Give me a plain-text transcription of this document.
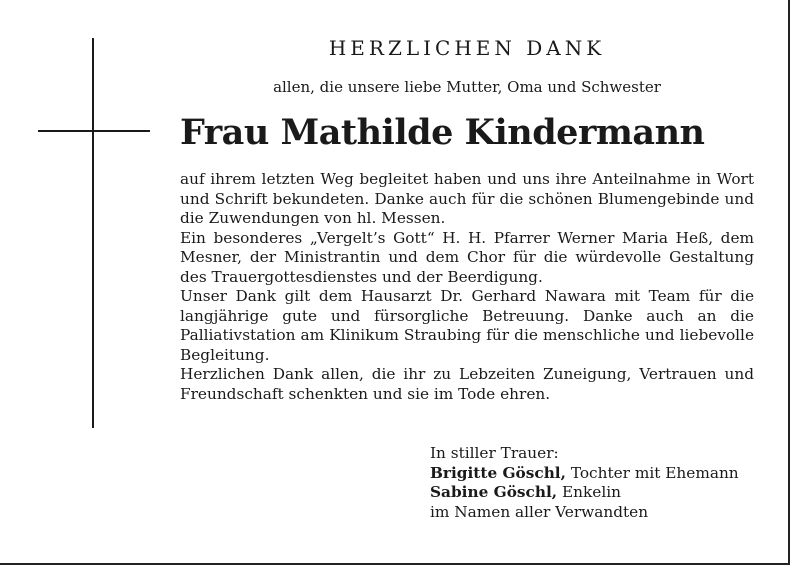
HERZLICHEN DANK
allen, die unsere liebe Mutter, Oma und Schwester
Frau Mathilde Kindermann

auf ihrem letzten Weg begleitet haben und uns ihre Anteilnahme in Wort und Schrift bekundeten. Danke auch für die schönen Blumengebinde und die Zuwendungen von hl. Messen.

Ein besonderes „Vergelt’s Gott“ H. H. Pfarrer Werner Maria Heß, dem Mesner, der Ministrantin und dem Chor für die würdevolle Gestaltung des Trauergottesdienstes und der Beerdigung.

Unser Dank gilt dem Hausarzt Dr. Gerhard Nawara mit Team für die langjährige gute und fürsorgliche Betreuung. Danke auch an die Palliativstation am Klinikum Straubing für die menschliche und liebevolle Begleitung.

Herzlichen Dank allen, die ihr zu Lebzeiten Zuneigung, Vertrauen und Freundschaft schenkten und sie im Tode ehren.

In stiller Trauer:
Brigitte Göschl, Tochter mit Ehemann
Sabine Göschl, Enkelin
im Namen aller Verwandten
